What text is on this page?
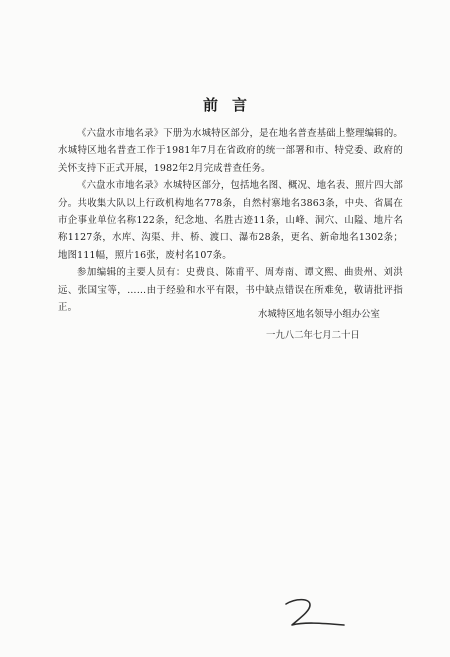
前言

《六盘水市地名录》下册为水城特区部分，是在地名普查基础上整理编辑的。水城特区地名普查工作于1981年7月在省政府的统一部署和市、特党委、政府的关怀支持下正式开展，1982年2月完成普查任务。

《六盘水市地名录》水城特区部分，包括地名图、概况、地名表、照片四大部分。共收集大队以上行政机构地名778条，自然村寨地名3863条，中央、省属在市企事业单位名称122条，纪念地、名胜古迹11条，山峰、洞穴、山隘、地片名称1127条，水库、沟渠、井、桥、渡口、瀑布28条，更名、新命地名1302条；地图111幅，照片16张，废村名107条。

参加编辑的主要人员有：史费良、陈甫平、周寿南、谭文熙、曲贵州、刘洪远、张国宝等，……由于经验和水平有限，书中缺点错误在所难免，敬请批评指正。

水城特区地名领导小组办公室
一九八二年七月二十日
